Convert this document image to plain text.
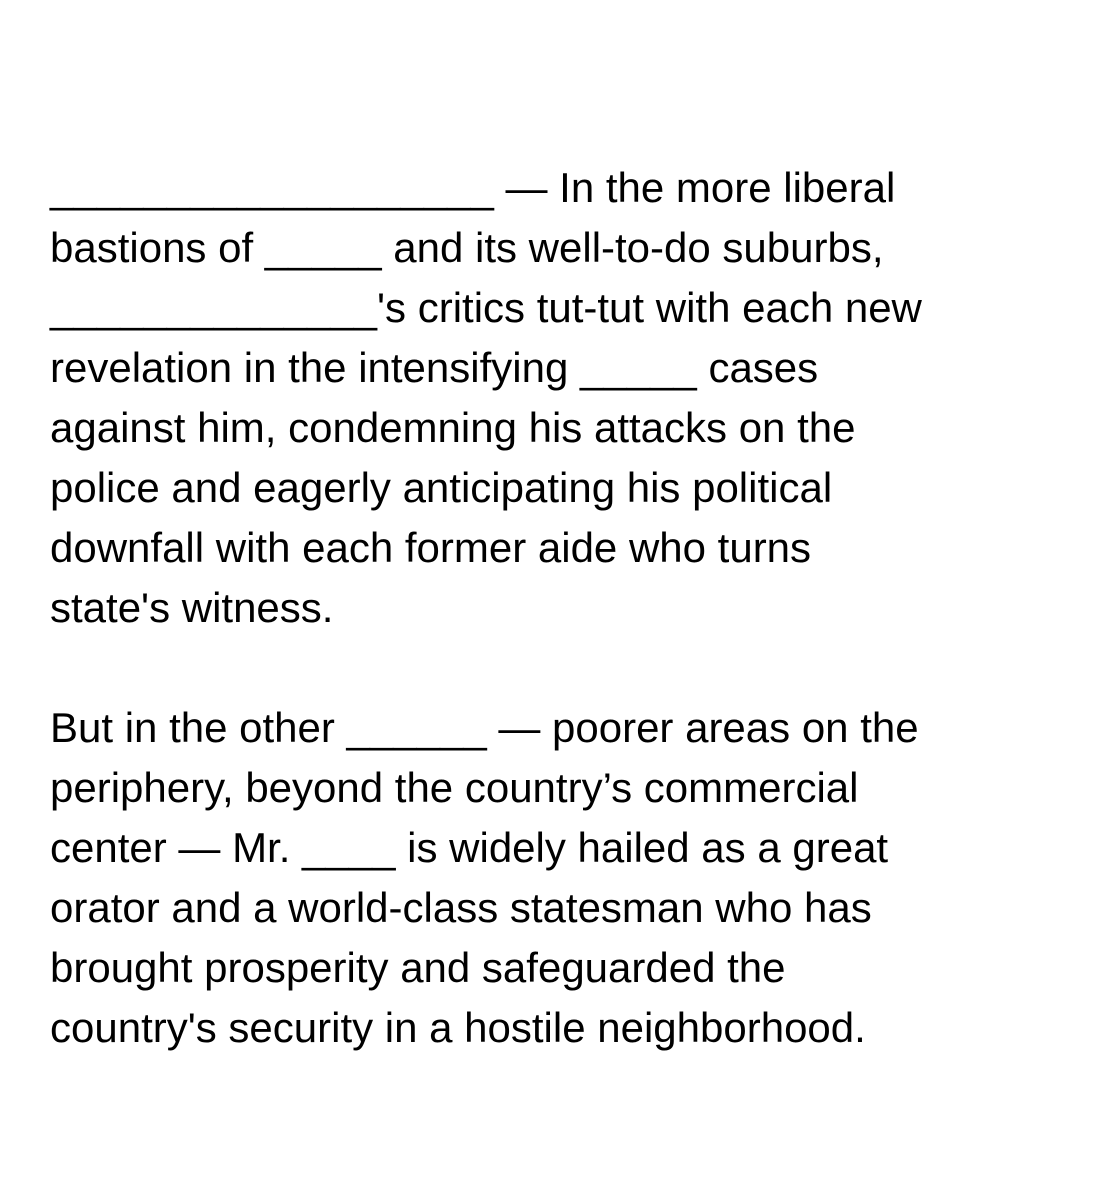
___________________ — In the more liberal
bastions of _____ and its well-to-do suburbs,
______________'s critics tut-tut with each new
revelation in the intensifying _____ cases
against him, condemning his attacks on the
police and eagerly anticipating his political
downfall with each former aide who turns
state's witness.
But in the other ______ — poorer areas on the
periphery, beyond the country’s commercial
center — Mr. ____ is widely hailed as a great
orator and a world-class statesman who has
brought prosperity and safeguarded the
country's security in a hostile neighborhood.
